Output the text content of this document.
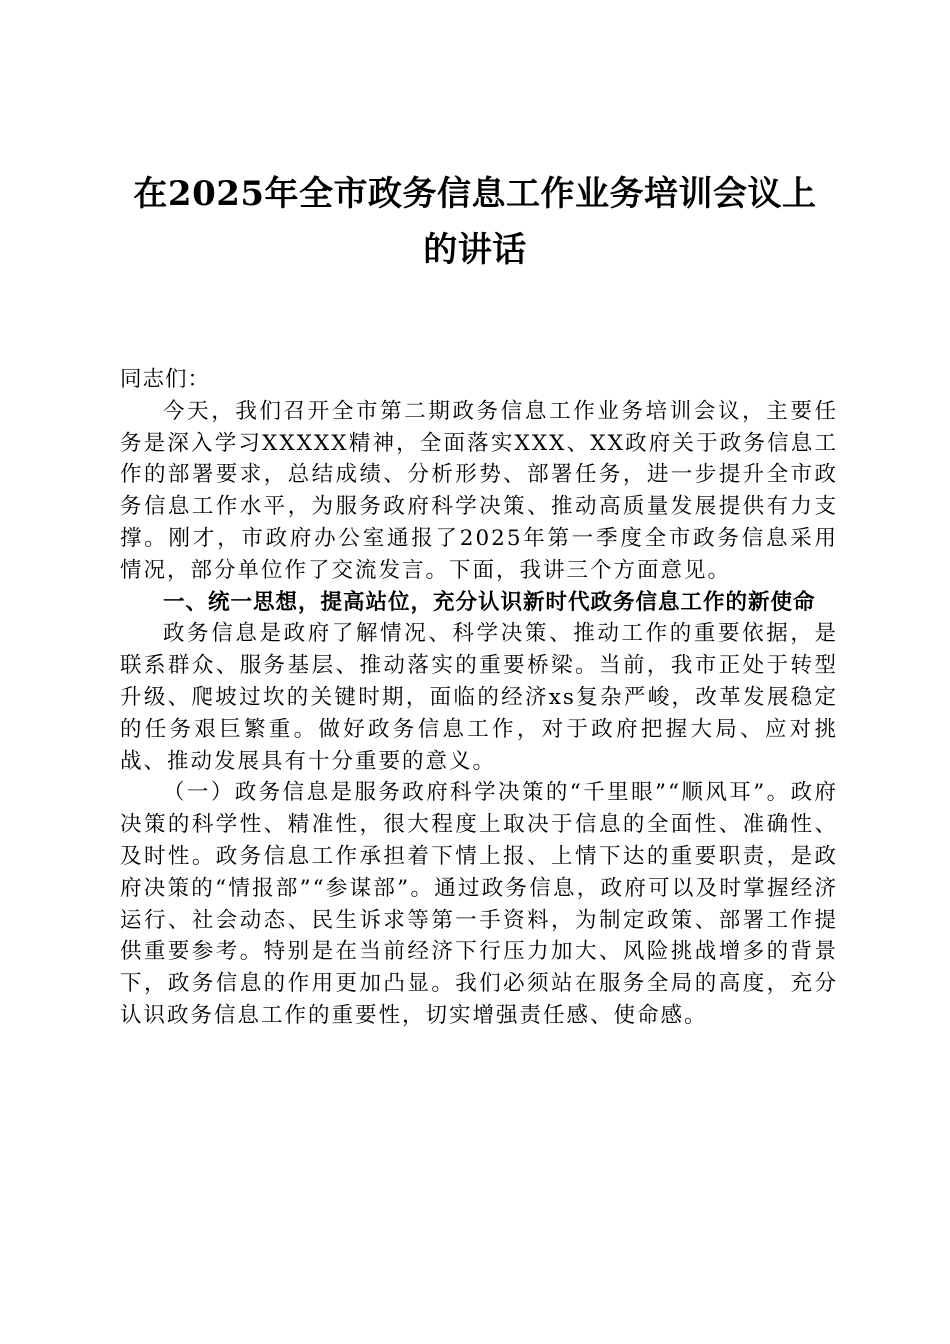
在2025年全市政务信息工作业务培训会议上
的讲话

同志们：

今天，我们召开全市第二期政务信息工作业务培训会议，主要任务是深入学习XXXXX精神，全面落实XXX、XX政府关于政务信息工作的部署要求，总结成绩、分析形势、部署任务，进一步提升全市政务信息工作水平，为服务政府科学决策、推动高质量发展提供有力支撑。刚才，市政府办公室通报了2025年第一季度全市政务信息采用情况，部分单位作了交流发言。下面，我讲三个方面意见。

一、统一思想，提高站位，充分认识新时代政务信息工作的新使命

政务信息是政府了解情况、科学决策、推动工作的重要依据，是联系群众、服务基层、推动落实的重要桥梁。当前，我市正处于转型升级、爬坡过坎的关键时期，面临的经济xs复杂严峻，改革发展稳定的任务艰巨繁重。做好政务信息工作，对于政府把握大局、应对挑战、推动发展具有十分重要的意义。

（一）政务信息是服务政府科学决策的“千里眼”“顺风耳”。政府决策的科学性、精准性，很大程度上取决于信息的全面性、准确性、及时性。政务信息工作承担着下情上报、上情下达的重要职责，是政府决策的“情报部”“参谋部”。通过政务信息，政府可以及时掌握经济运行、社会动态、民生诉求等第一手资料，为制定政策、部署工作提供重要参考。特别是在当前经济下行压力加大、风险挑战增多的背景下，政务信息的作用更加凸显。我们必须站在服务全局的高度，充分认识政务信息工作的重要性，切实增强责任感、使命感。
